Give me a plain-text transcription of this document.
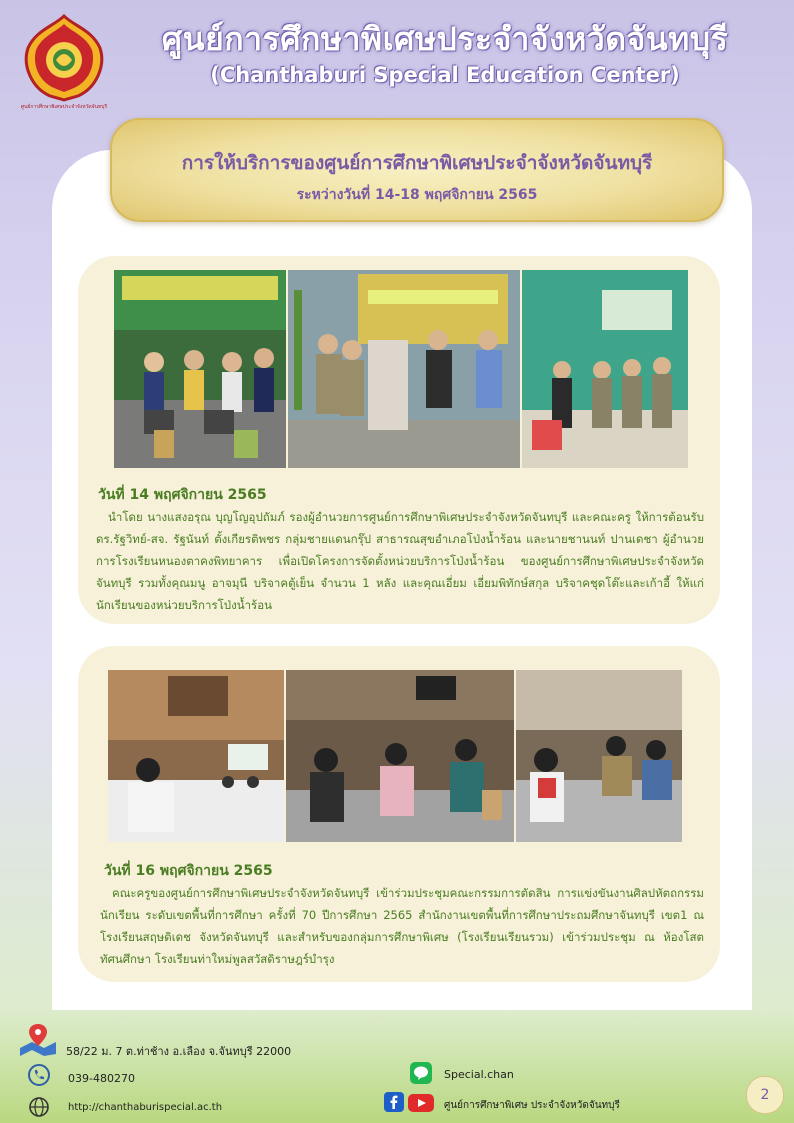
ศูนย์การศึกษาพิเศษประจำจังหวัดจันทบุรี
ศูนย์การศึกษาพิเศษประจำจังหวัดจันทบุรี
(Chanthaburi Special Education Center)
การให้บริการของศูนย์การศึกษาพิเศษประจำจังหวัดจันทบุรี
ระหว่างวันที่ 14-18 พฤศจิกายน 2565
วันที่ 14 พฤศจิกายน 2565
นำโดย นางแสงอรุณ บุญโญอุปถัมภ์ รองผู้อำนวยการศูนย์การศึกษาพิเศษประจำจังหวัดจันทบุรี และคณะครู ให้การต้อนรับ ดร.รัฐวิทย์-สจ. รัฐนันท์ ตั้งเกียรติพชร กลุ่มชายแดนกรุ๊ป สาธารณสุขอำเภอโป่งน้ำร้อน และนายชานนท์ ปานเดชา ผู้อำนวยการโรงเรียนหนองตาคงพิทยาคาร เพื่อเปิดโครงการจัดตั้งหน่วยบริการโป่งน้ำร้อน ของศูนย์การศึกษาพิเศษประจำจังหวัดจันทบุรี รวมทั้งคุณมนู อาจมุนี บริจาคตู้เย็น จำนวน 1 หลัง และคุณเอี่ยม เอี่ยมพิทักษ์สกุล บริจาคชุดโต๊ะและเก้าอี้ ให้แก่นักเรียนของหน่วยบริการโป่งน้ำร้อน
วันที่ 16 พฤศจิกายน 2565
คณะครูของศูนย์การศึกษาพิเศษประจำจังหวัดจันทบุรี เข้าร่วมประชุมคณะกรรมการตัดสิน การแข่งขันงานศิลปหัตถกรรมนักเรียน ระดับเขตพื้นที่การศึกษา ครั้งที่ 70 ปีการศึกษา 2565 สำนักงานเขตพื้นที่การศึกษาประถมศึกษาจันทบุรี เขต1 ณ โรงเรียนสฤษดิเดช จังหวัดจันทบุรี และสำหรับของกลุ่มการศึกษาพิเศษ (โรงเรียนเรียนรวม) เข้าร่วมประชุม ณ ห้องโสตทัศนศึกษา โรงเรียนท่าใหม่พูลสวัสดิราษฎร์บำรุง
58/22 ม. 7 ต.ท่าช้าง อ.เลือง จ.จันทบุรี 22000
039-480270
http://chanthaburispecial.ac.th
Special.chan
ศูนย์การศึกษาพิเศษ ประจำจังหวัดจันทบุรี
2
